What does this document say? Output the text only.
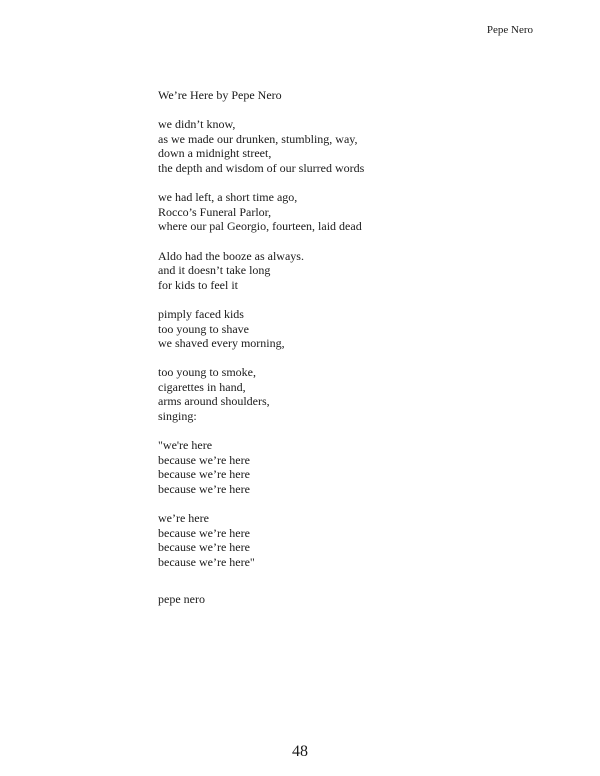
Pepe Nero
We’re Here by Pepe Nero
we didn’t know,
as we made our drunken, stumbling, way,
down a midnight street,
the depth and wisdom of our slurred words
we had left, a short time ago,
Rocco’s Funeral Parlor,
where our pal Georgio, fourteen, laid dead
Aldo had the booze as always.
and it doesn’t take long
for kids to feel it
pimply faced kids
too young to shave
we shaved every morning,
too young to smoke,
cigarettes in hand,
arms around shoulders,
singing:
"we're here
because we’re here
because we’re here
because we’re here
we’re here
because we’re here
because we’re here
because we’re here"
pepe nero
48
